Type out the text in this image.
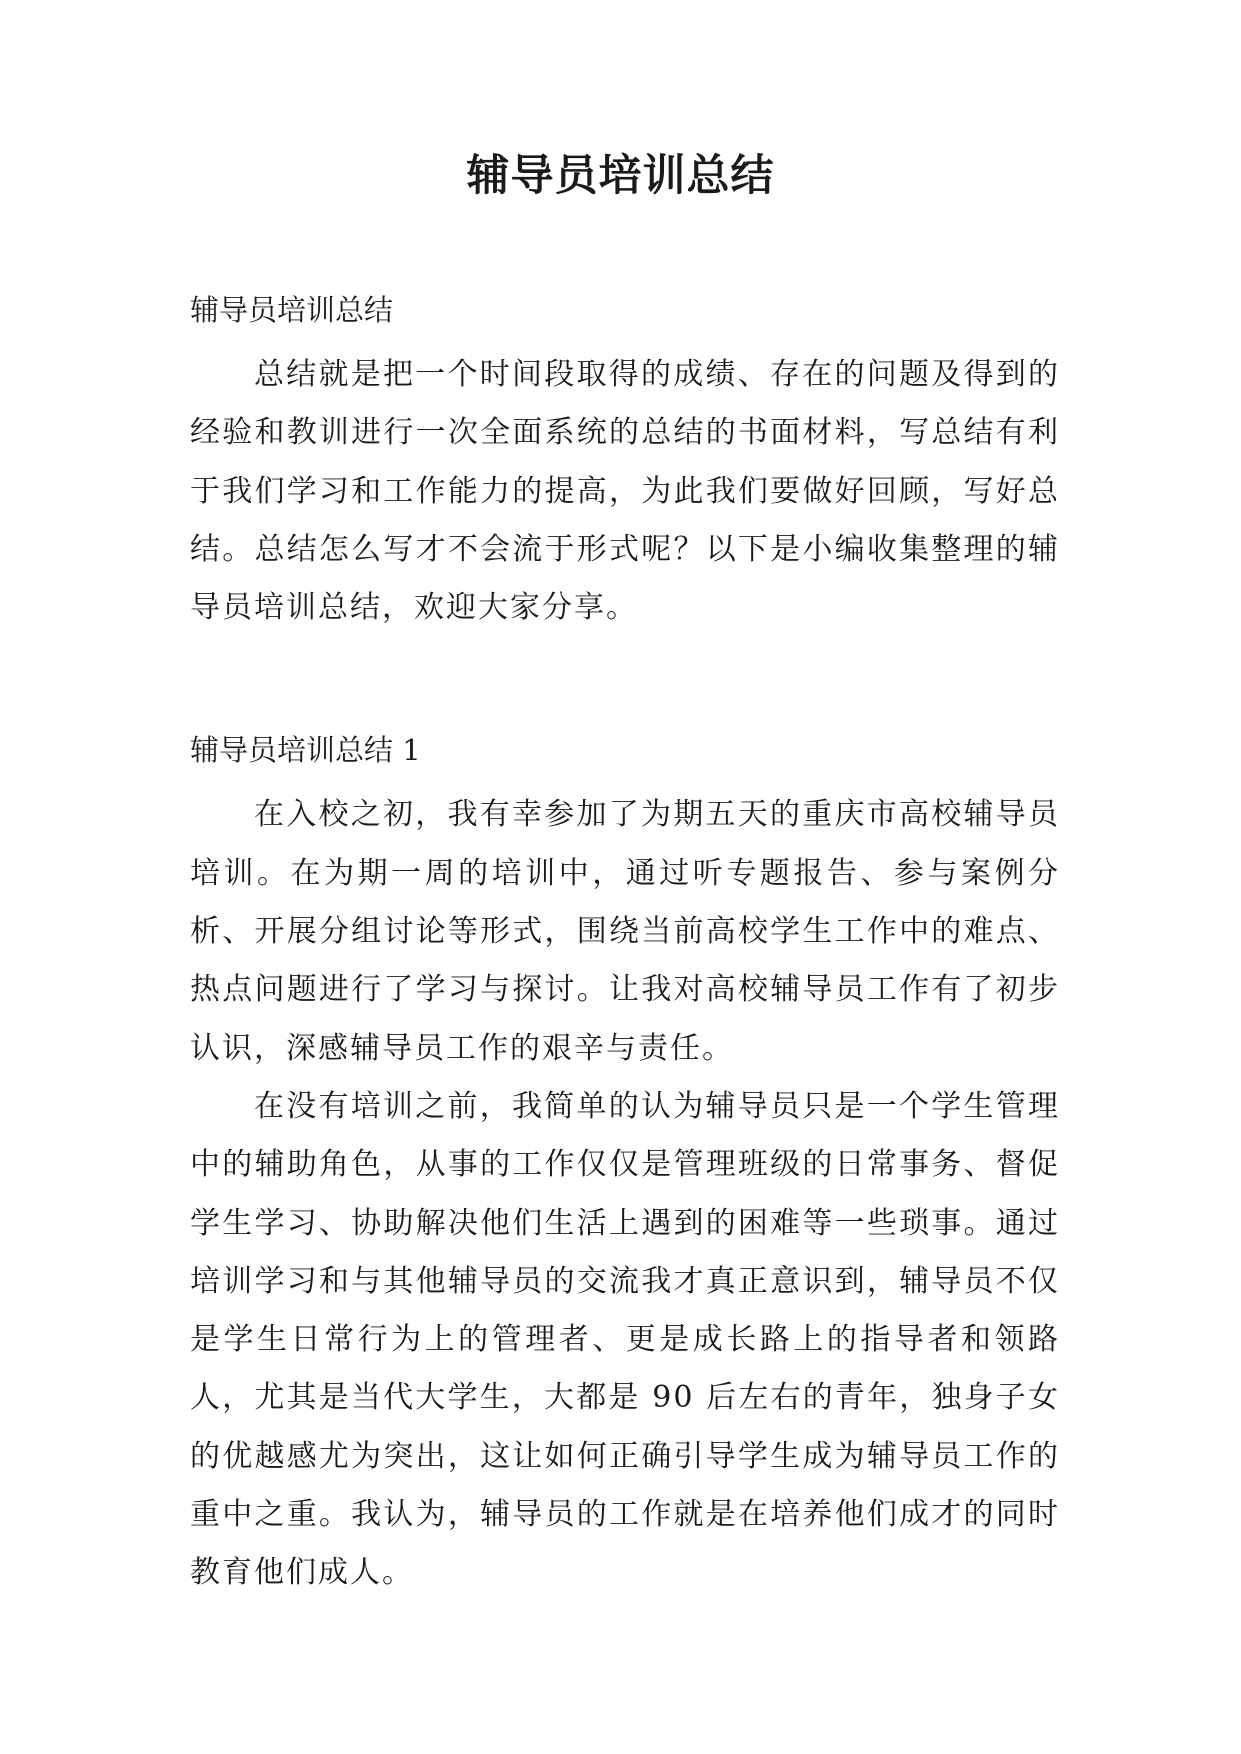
辅导员培训总结

辅导员培训总结

总结就是把一个时间段取得的成绩、存在的问题及得到的经验和教训进行一次全面系统的总结的书面材料，写总结有利于我们学习和工作能力的提高，为此我们要做好回顾，写好总结。总结怎么写才不会流于形式呢？以下是小编收集整理的辅导员培训总结，欢迎大家分享。

辅导员培训总结 1

在入校之初，我有幸参加了为期五天的重庆市高校辅导员培训。在为期一周的培训中，通过听专题报告、参与案例分析、开展分组讨论等形式，围绕当前高校学生工作中的难点、热点问题进行了学习与探讨。让我对高校辅导员工作有了初步认识，深感辅导员工作的艰辛与责任。

在没有培训之前，我简单的认为辅导员只是一个学生管理中的辅助角色，从事的工作仅仅是管理班级的日常事务、督促学生学习、协助解决他们生活上遇到的困难等一些琐事。通过培训学习和与其他辅导员的交流我才真正意识到，辅导员不仅是学生日常行为上的管理者、更是成长路上的指导者和领路人，尤其是当代大学生，大都是 90 后左右的青年，独身子女的优越感尤为突出，这让如何正确引导学生成为辅导员工作的重中之重。我认为，辅导员的工作就是在培养他们成才的同时教育他们成人。
